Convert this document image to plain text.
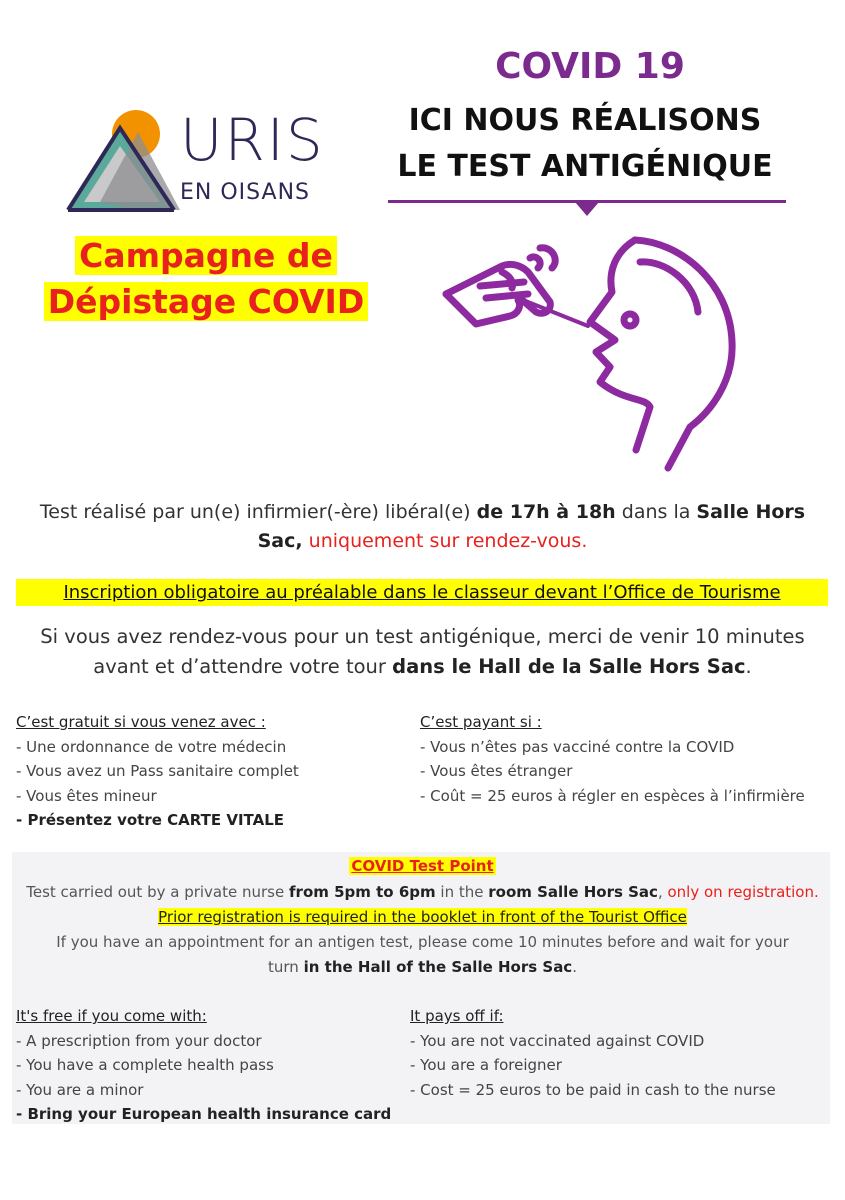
URIS
EN OISANS
Campagne de
Dépistage COVID
COVID 19
ICI NOUS RÉALISONS
LE TEST ANTIGÉNIQUE
Test réalisé par un(e) infirmier(-ère) libéral(e) de 17h à 18h dans la Salle Hors
Sac, uniquement sur rendez-vous.
Inscription obligatoire au préalable dans le classeur devant l’Office de Tourisme
Si vous avez rendez-vous pour un test antigénique, merci de venir 10 minutes
avant et d’attendre votre tour dans le Hall de la Salle Hors Sac.
C’est gratuit si vous venez avec :
- Une ordonnance de votre médecin
- Vous avez un Pass sanitaire complet
- Vous êtes mineur
- Présentez votre CARTE VITALE
C’est payant si :
- Vous n’êtes pas vacciné contre la COVID
- Vous êtes étranger
- Coût = 25 euros à régler en espèces à l’infirmière
COVID Test Point
Test carried out by a private nurse from 5pm to 6pm in the room Salle Hors Sac, only on registration.
Prior registration is required in the booklet in front of the Tourist Office
If you have an appointment for an antigen test, please come 10 minutes before and wait for your
turn in the Hall of the Salle Hors Sac.
It's free if you come with:
- A prescription from your doctor
- You have a complete health pass
- You are a minor
- Bring your European health insurance card
It pays off if:
- You are not vaccinated against COVID
- You are a foreigner
- Cost = 25 euros to be paid in cash to the nurse
